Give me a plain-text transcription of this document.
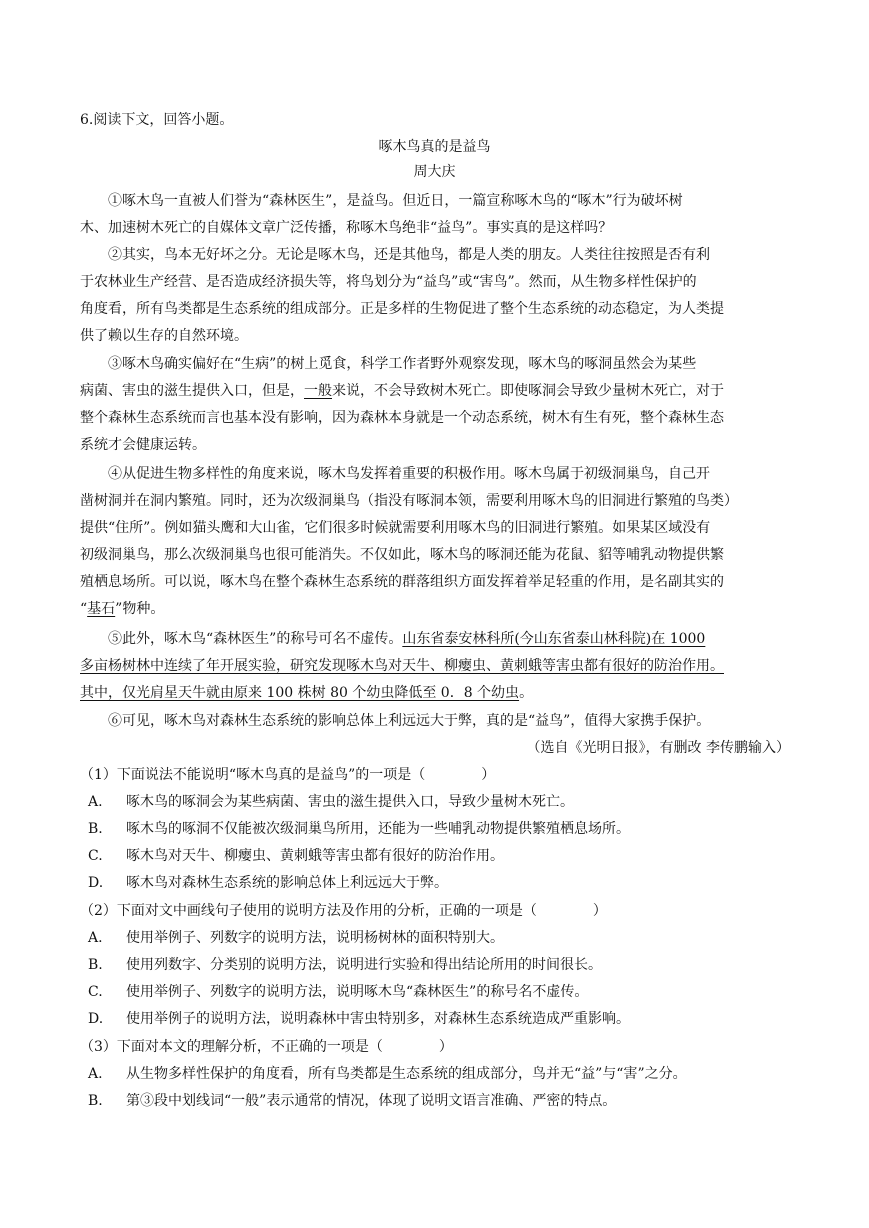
6.阅读下文，回答小题。
啄木鸟真的是益鸟
周大庆
①啄木鸟一直被人们誉为“森林医生”，是益鸟。但近日，一篇宣称啄木鸟的“啄木”行为破坏树
木、加速树木死亡的自媒体文章广泛传播，称啄木鸟绝非“益鸟”。事实真的是这样吗？
②其实，鸟本无好坏之分。无论是啄木鸟，还是其他鸟，都是人类的朋友。人类往往按照是否有利
于农林业生产经营、是否造成经济损失等，将鸟划分为“益鸟”或“害鸟”。然而，从生物多样性保护的
角度看，所有鸟类都是生态系统的组成部分。正是多样的生物促进了整个生态系统的动态稳定，为人类提
供了赖以生存的自然环境。
③啄木鸟确实偏好在“生病”的树上觅食，科学工作者野外观察发现，啄木鸟的啄洞虽然会为某些
病菌、害虫的滋生提供入口，但是，一般来说，不会导致树木死亡。即使啄洞会导致少量树木死亡，对于
整个森林生态系统而言也基本没有影响，因为森林本身就是一个动态系统，树木有生有死，整个森林生态
系统才会健康运转。
④从促进生物多样性的角度来说，啄木鸟发挥着重要的积极作用。啄木鸟属于初级洞巢鸟，自己开
凿树洞并在洞内繁殖。同时，还为次级洞巢鸟（指没有啄洞本领，需要利用啄木鸟的旧洞进行繁殖的鸟类）
提供“住所”。例如猫头鹰和大山雀，它们很多时候就需要利用啄木鸟的旧洞进行繁殖。如果某区域没有
初级洞巢鸟，那么次级洞巢鸟也很可能消失。不仅如此，啄木鸟的啄洞还能为花鼠、貂等哺乳动物提供繁
殖栖息场所。可以说，啄木鸟在整个森林生态系统的群落组织方面发挥着举足轻重的作用，是名副其实的
“基石”物种。
⑤此外，啄木鸟“森林医生”的称号可名不虚传。山东省泰安林科所(今山东省泰山林科院)在 1000
多亩杨树林中连续了年开展实验，研究发现啄木鸟对天牛、柳瘿虫、黄刺蛾等害虫都有很好的防治作用。
其中，仅光肩星天牛就由原来 100 株树 80 个幼虫降低至 0．8 个幼虫。
⑥可见，啄木鸟对森林生态系统的影响总体上利远远大于弊，真的是“益鸟”，值得大家携手保护。
（选自《光明日报》，有删改 李传鹏输入）
（1）下面说法不能说明“啄木鸟真的是益鸟”的一项是（　　　　）
A. 啄木鸟的啄洞会为某些病菌、害虫的滋生提供入口，导致少量树木死亡。
B. 啄木鸟的啄洞不仅能被次级洞巢鸟所用，还能为一些哺乳动物提供繁殖栖息场所。
C. 啄木鸟对天牛、柳瘿虫、黄刺蛾等害虫都有很好的防治作用。
D. 啄木鸟对森林生态系统的影响总体上利远远大于弊。
（2）下面对文中画线句子使用的说明方法及作用的分析，正确的一项是（　　　　）
A. 使用举例子、列数字的说明方法，说明杨树林的面积特别大。
B. 使用列数字、分类别的说明方法，说明进行实验和得出结论所用的时间很长。
C. 使用举例子、列数字的说明方法，说明啄木鸟“森林医生”的称号名不虚传。
D. 使用举例子的说明方法，说明森林中害虫特别多，对森林生态系统造成严重影响。
（3）下面对本文的理解分析，不正确的一项是（　　　　）
A. 从生物多样性保护的角度看，所有鸟类都是生态系统的组成部分，鸟并无“益”与“害”之分。
B. 第③段中划线词“一般”表示通常的情况，体现了说明文语言准确、严密的特点。
